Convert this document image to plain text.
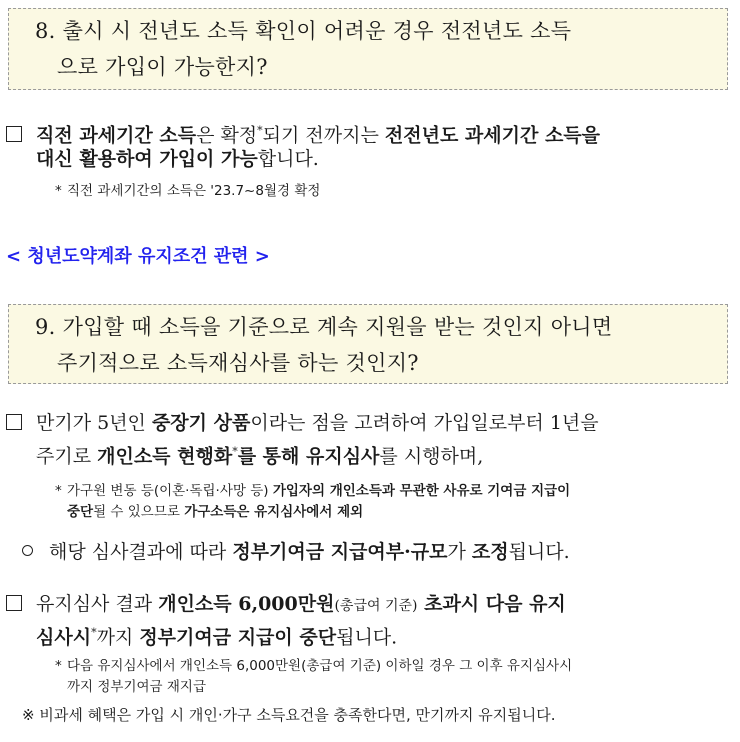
8. 출시 시 전년도 소득 확인이 어려운 경우 전전년도 소득
으로 가입이 가능한지?
직전 과세기간 소득은 확정*되기 전까지는 전전년도 과세기간 소득을
대신 활용하여 가입이 가능합니다.
* 직전 과세기간의 소득은 '23.7~8월경 확정
< 청년도약계좌 유지조건 관련 >
9. 가입할 때 소득을 기준으로 계속 지원을 받는 것인지 아니면
주기적으로 소득재심사를 하는 것인지?
만기가 5년인 중장기 상품이라는 점을 고려하여 가입일로부터 1년을
주기로 개인소득 현행화*를 통해 유지심사를 시행하며,
* 가구원 변동 등(이혼·독립·사망 등) 가입자의 개인소득과 무관한 사유로 기여금 지급이
중단될 수 있으므로 가구소득은 유지심사에서 제외
해당 심사결과에 따라 정부기여금 지급여부·규모가 조정됩니다.
유지심사 결과 개인소득 6,000만원(총급여 기준) 초과시 다음 유지
심사시*까지 정부기여금 지급이 중단됩니다.
* 다음 유지심사에서 개인소득 6,000만원(총급여 기준) 이하일 경우 그 이후 유지심사시
까지 정부기여금 재지급
※ 비과세 혜택은 가입 시 개인·가구 소득요건을 충족한다면, 만기까지 유지됩니다.
